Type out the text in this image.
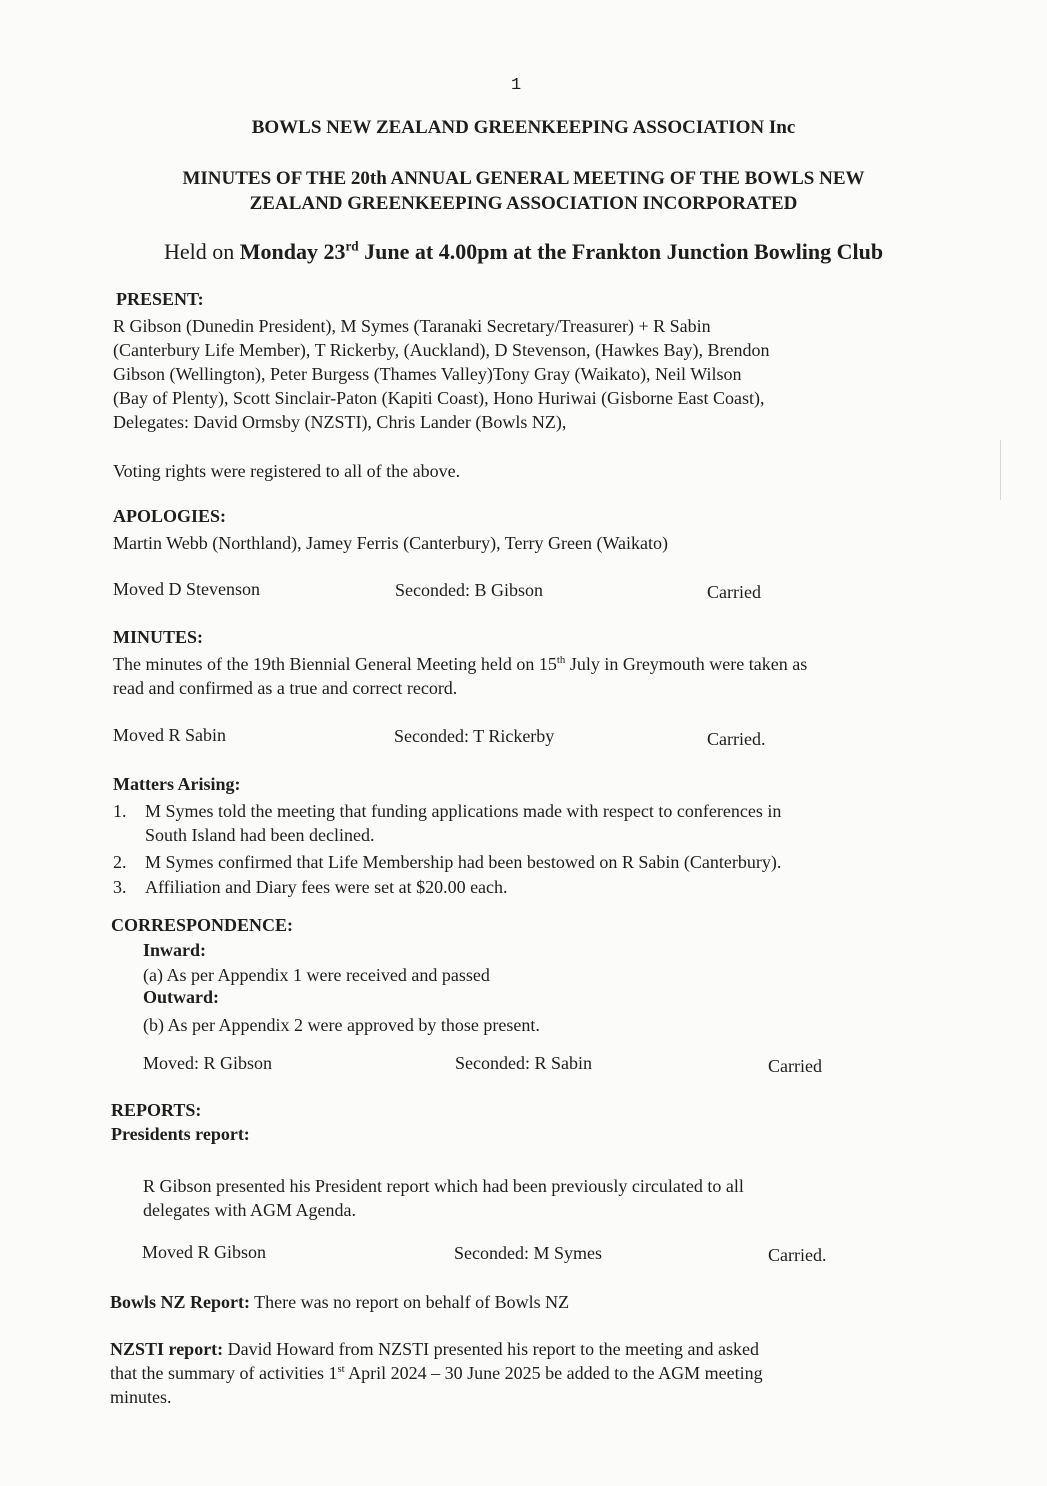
1
BOWLS NEW ZEALAND GREENKEEPING ASSOCIATION Inc
MINUTES OF THE 20th ANNUAL GENERAL MEETING OF THE BOWLS NEW
ZEALAND GREENKEEPING ASSOCIATION INCORPORATED
Held on Monday 23rd June at 4.00pm at the Frankton Junction Bowling Club
PRESENT:
R Gibson (Dunedin President), M Symes (Taranaki Secretary/Treasurer) + R Sabin
(Canterbury Life Member), T Rickerby, (Auckland), D Stevenson, (Hawkes Bay), Brendon
Gibson (Wellington), Peter Burgess (Thames Valley)Tony Gray (Waikato), Neil Wilson
(Bay of Plenty), Scott Sinclair-Paton (Kapiti Coast), Hono Huriwai (Gisborne East Coast),
Delegates: David Ormsby (NZSTI), Chris Lander (Bowls NZ),
Voting rights were registered to all of the above.
APOLOGIES:
Martin Webb (Northland), Jamey Ferris (Canterbury), Terry Green (Waikato)
Moved D Stevenson	Seconded: B Gibson	Carried
MINUTES:
The minutes of the 19th Biennial General Meeting held on 15th July in Greymouth were taken as
read and confirmed as a true and correct record.
Moved R Sabin	Seconded: T Rickerby	Carried.
Matters Arising:
1. M Symes told the meeting that funding applications made with respect to conferences in
South Island had been declined.
2. M Symes confirmed that Life Membership had been bestowed on R Sabin (Canterbury).
3. Affiliation and Diary fees were set at $20.00 each.
CORRESPONDENCE:
Inward:
(a) As per Appendix 1 were received and passed
Outward:
(b) As per Appendix 2 were approved by those present.
Moved: R Gibson	Seconded: R Sabin	Carried
REPORTS:
Presidents report:
R Gibson presented his President report which had been previously circulated to all
delegates with AGM Agenda.
Moved R Gibson	Seconded: M Symes	Carried.
Bowls NZ Report: There was no report on behalf of Bowls NZ
NZSTI report: David Howard from NZSTI presented his report to the meeting and asked
that the summary of activities 1st April 2024 – 30 June 2025 be added to the AGM meeting
minutes.
